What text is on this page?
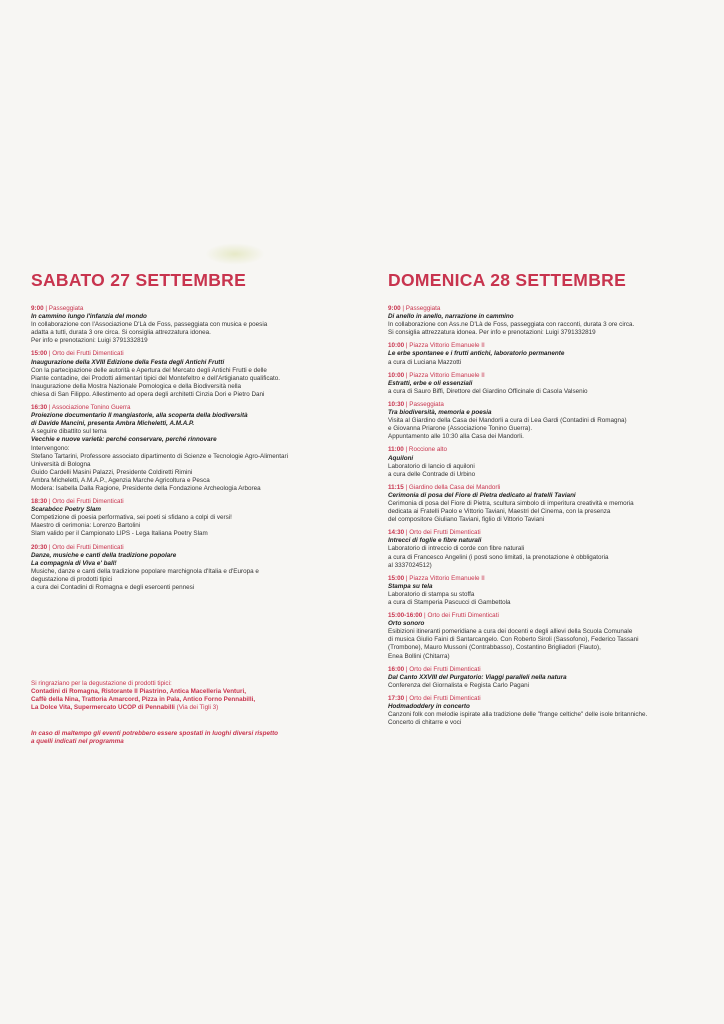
SABATO 27 SETTEMBRE
9:00 | Passeggiata
In cammino lungo l'infanzia del mondo
In collaborazione con l'Associazione D'Là de Foss, passeggiata con musica e poesia
adatta a tutti, durata 3 ore circa. Si consiglia attrezzatura idonea.
Per info e prenotazioni: Luigi 3791332819
15:00 | Orto dei Frutti Dimenticati
Inaugurazione della XVIII Edizione della Festa degli Antichi Frutti
Con la partecipazione delle autorità e Apertura del Mercato degli Antichi Frutti e delle
Piante contadine, dei Prodotti alimentari tipici del Montefeltro e dell'Artigianato qualificato.
Inaugurazione della Mostra Nazionale Pomologica e della Biodiversità nella
chiesa di San Filippo. Allestimento ad opera degli architetti Cinzia Dori e Pietro Dani
16:30 | Associazione Tonino Guerra
Proiezione documentario Il mangiastorie, alla scoperta della biodiversità
di Davide Mancini, presenta Ambra Micheletti, A.M.A.P.
A seguire dibattito sul tema
Vecchie e nuove varietà: perché conservare, perché rinnovare
Intervengono:
Stefano Tartarini, Professore associato dipartimento di Scienze e Tecnologie Agro-Alimentari
Università di Bologna
Guido Cardelli Masini Palazzi, Presidente Coldiretti Rimini
Ambra Micheletti, A.M.A.P., Agenzia Marche Agricoltura e Pesca
Modera: Isabella Dalla Ragione, Presidente della Fondazione Archeologia Arborea
18:30 | Orto dei Frutti Dimenticati
Scarabócc Poetry Slam
Competizione di poesia performativa, sei poeti si sfidano a colpi di versi!
Maestro di cerimonia: Lorenzo Bartolini
Slam valido per il Campionato LIPS - Lega Italiana Poetry Slam
20:30 | Orto dei Frutti Dimenticati
Danze, musiche e canti della tradizione popolare
La compagnia di Viva e' ball!
Musiche, danze e canti della tradizione popolare marchignola d'Italia e d'Europa e
degustazione di prodotti tipici
a cura dei Contadini di Romagna e degli esercenti pennesi
Si ringraziano per la degustazione di prodotti tipici:
Contadini di Romagna, Ristorante Il Piastrino, Antica Macelleria Venturi,
Caffè della Nina, Trattoria Amarcord, Pizza in Pala, Antico Forno Pennabilli,
La Dolce Vita, Supermercato UCOP di Pennabilli (Via dei Tigli 3)
In caso di maltempo gli eventi potrebbero essere spostati in luoghi diversi rispetto
a quelli indicati nel programma
DOMENICA 28 SETTEMBRE
9:00 | Passeggiata
Di anello in anello, narrazione in cammino
In collaborazione con Ass.ne D'Là de Foss, passeggiata con racconti, durata 3 ore circa.
Si consiglia attrezzatura idonea. Per info e prenotazioni: Luigi 3791332819
10:00 | Piazza Vittorio Emanuele II
Le erbe spontanee e i frutti antichi, laboratorio permanente
a cura di Luciana Mazzotti
10:00 | Piazza Vittorio Emanuele II
Estratti, erbe e oli essenziali
a cura di Sauro Biffi, Direttore del Giardino Officinale di Casola Valsenio
10:30 | Passeggiata
Tra biodiversità, memoria e poesia
Visita al Giardino della Casa dei Mandorli a cura di Lea Gardi (Contadini di Romagna)
e Giovanna Priarone (Associazione Tonino Guerra).
Appuntamento alle 10:30 alla Casa dei Mandorli.
11:00 | Roccione alto
Aquiloni
Laboratorio di lancio di aquiloni
a cura delle Contrade di Urbino
11:15 | Giardino della Casa dei Mandorli
Cerimonia di posa del Fiore di Pietra dedicato ai fratelli Taviani
Cerimonia di posa del Fiore di Pietra, scultura simbolo di imperitura creatività e memoria
dedicata ai Fratelli Paolo e Vittorio Taviani, Maestri del Cinema, con la presenza
del compositore Giuliano Taviani, figlio di Vittorio Taviani
14:30 | Orto dei Frutti Dimenticati
Intrecci di foglie e fibre naturali
Laboratorio di intreccio di corde con fibre naturali
a cura di Francesco Angelini (i posti sono limitati, la prenotazione è obbligatoria
al 3337024512)
15:00 | Piazza Vittorio Emanuele II
Stampa su tela
Laboratorio di stampa su stoffa
a cura di Stamperia Pascucci di Gambettola
15:00-16:00 | Orto dei Frutti Dimenticati
Orto sonoro
Esibizioni itineranti pomeridiane a cura dei docenti e degli allievi della Scuola Comunale
di musica Giulio Faini di Santarcangelo. Con Roberto Siroli (Sassofono), Federico Tassani
(Trombone), Mauro Mussoni (Contrabbasso), Costantino Brigliadori (Flauto),
Enea Bollini (Chitarra)
16:00 | Orto dei Frutti Dimenticati
Dal Canto XXVIII del Purgatorio: Viaggi paralleli nella natura
Conferenza del Giornalista e Regista Carlo Pagani
17:30 | Orto dei Frutti Dimenticati
Hodmadoddery in concerto
Canzoni folk con melodie ispirate alla tradizione delle "frange celtiche" delle isole britanniche.
Concerto di chitarre e voci
